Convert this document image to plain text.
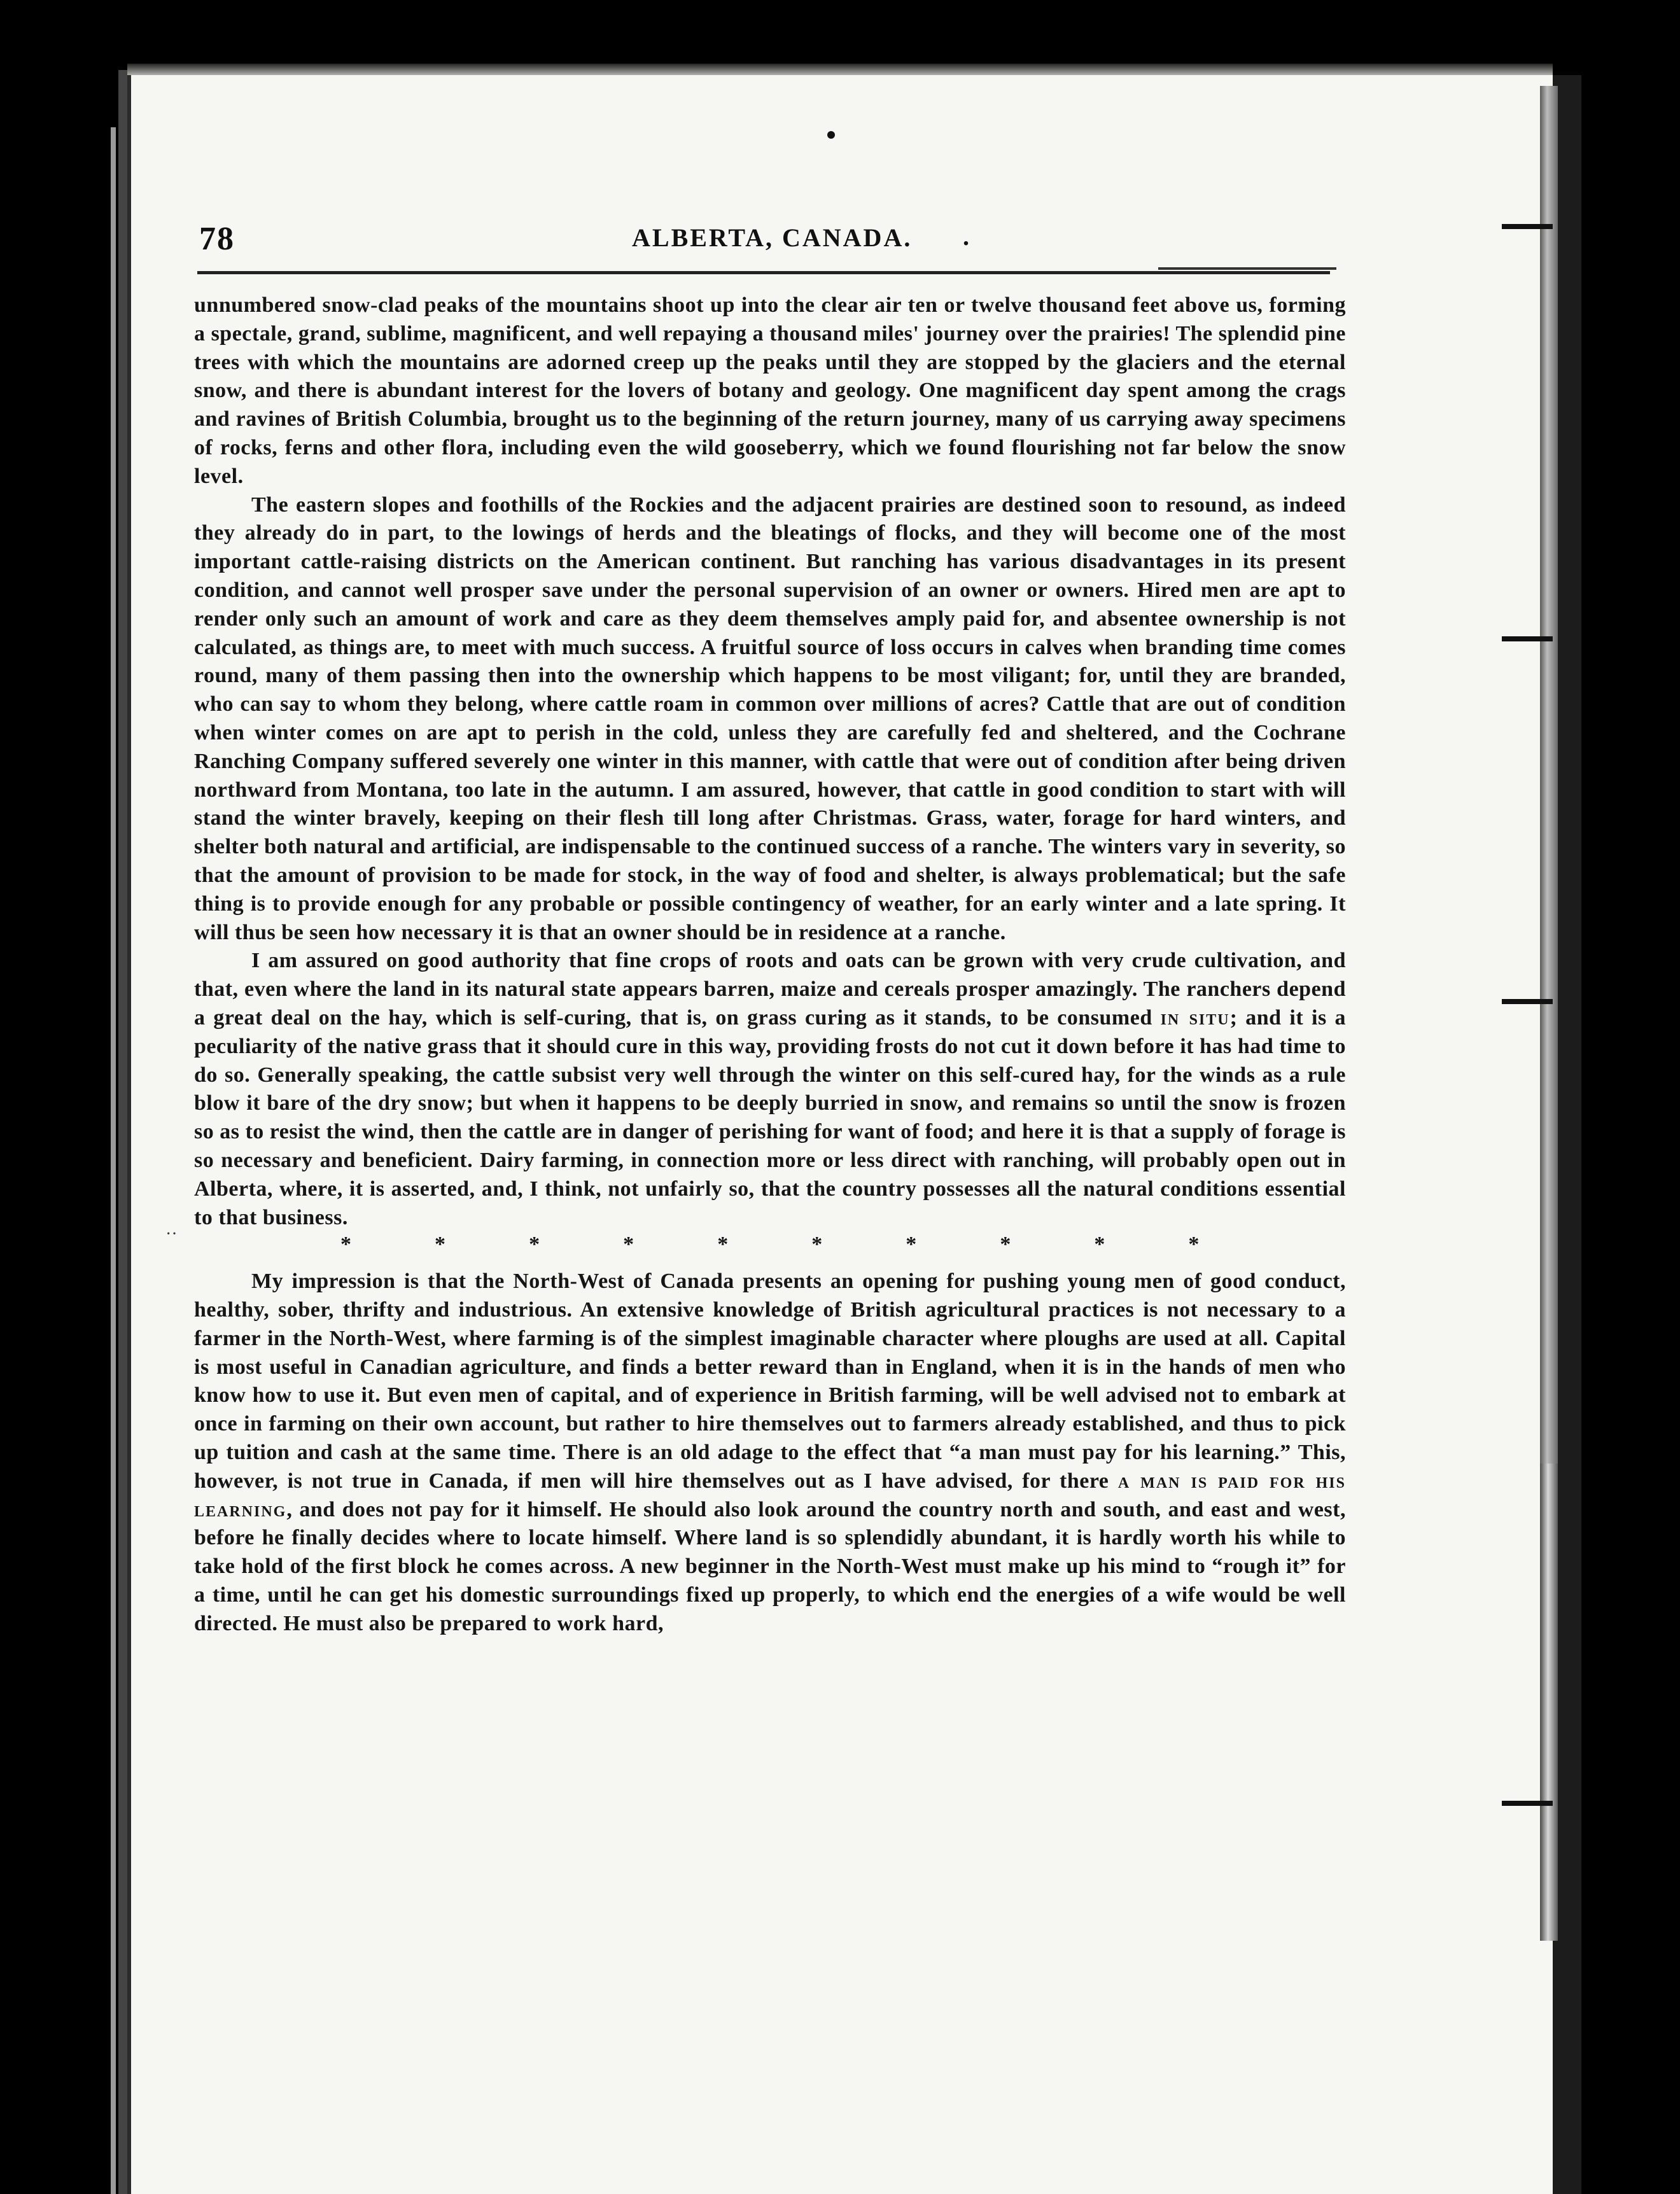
78	ALBERTA, CANADA. .
··

unnumbered snow-clad peaks of the mountains shoot up into the clear air ten or twelve thousand feet above us, forming a spectale, grand, sublime, magnificent, and well repaying a thousand miles' journey over the prairies! The splendid pine trees with which the mountains are adorned creep up the peaks until they are stopped by the glaciers and the eternal snow, and there is abundant interest for the lovers of botany and geology. One magnificent day spent among the crags and ravines of British Columbia, brought us to the beginning of the return journey, many of us carrying away specimens of rocks, ferns and other flora, including even the wild gooseberry, which we found flourishing not far below the snow level.

The eastern slopes and foothills of the Rockies and the adjacent prairies are destined soon to resound, as indeed they already do in part, to the lowings of herds and the bleatings of flocks, and they will become one of the most important cattle-raising districts on the American continent. But ranching has various disadvantages in its present condition, and cannot well prosper save under the personal supervision of an owner or owners. Hired men are apt to render only such an amount of work and care as they deem themselves amply paid for, and absentee ownership is not calculated, as things are, to meet with much success. A fruitful source of loss occurs in calves when branding time comes round, many of them passing then into the ownership which happens to be most viligant; for, until they are branded, who can say to whom they belong, where cattle roam in common over millions of acres? Cattle that are out of condition when winter comes on are apt to perish in the cold, unless they are carefully fed and sheltered, and the Cochrane Ranching Company suffered severely one winter in this manner, with cattle that were out of condition after being driven northward from Montana, too late in the autumn. I am assured, however, that cattle in good condition to start with will stand the winter bravely, keeping on their flesh till long after Christmas. Grass, water, forage for hard winters, and shelter both natural and artificial, are indispensable to the continued success of a ranche. The winters vary in severity, so that the amount of provision to be made for stock, in the way of food and shelter, is always problematical; but the safe thing is to provide enough for any probable or possible contingency of weather, for an early winter and a late spring. It will thus be seen how necessary it is that an owner should be in residence at a ranche.

I am assured on good authority that fine crops of roots and oats can be grown with very crude cultivation, and that, even where the land in its natural state appears barren, maize and cereals prosper amazingly. The ranchers depend a great deal on the hay, which is self-curing, that is, on grass curing as it stands, to be consumed in situ; and it is a peculiarity of the native grass that it should cure in this way, providing frosts do not cut it down before it has had time to do so. Generally speaking, the cattle subsist very well through the winter on this self-cured hay, for the winds as a rule blow it bare of the dry snow; but when it happens to be deeply burried in snow, and remains so until the snow is frozen so as to resist the wind, then the cattle are in danger of perishing for want of food; and here it is that a supply of forage is so necessary and beneficient. Dairy farming, in connection more or less direct with ranching, will probably open out in Alberta, where, it is asserted, and, I think, not unfairly so, that the country possesses all the natural conditions essential to that business.

*	*	*	*	*	*	*	*	*	*

My impression is that the North-West of Canada presents an opening for pushing young men of good conduct, healthy, sober, thrifty and industrious. An extensive knowledge of British agricultural practices is not necessary to a farmer in the North-West, where farming is of the simplest imaginable character where ploughs are used at all. Capital is most useful in Canadian agriculture, and finds a better reward than in England, when it is in the hands of men who know how to use it. But even men of capital, and of experience in British farming, will be well advised not to embark at once in farming on their own account, but rather to hire themselves out to farmers already established, and thus to pick up tuition and cash at the same time. There is an old adage to the effect that “a man must pay for his learning.” This, however, is not true in Canada, if men will hire themselves out as I have advised, for there a man is paid for his learning, and does not pay for it himself. He should also look around the country north and south, and east and west, before he finally decides where to locate himself. Where land is so splendidly abundant, it is hardly worth his while to take hold of the first block he comes across. A new beginner in the North-West must make up his mind to “rough it” for a time, until he can get his domestic surroundings fixed up properly, to which end the energies of a wife would be well directed. He must also be prepared to work hard,
